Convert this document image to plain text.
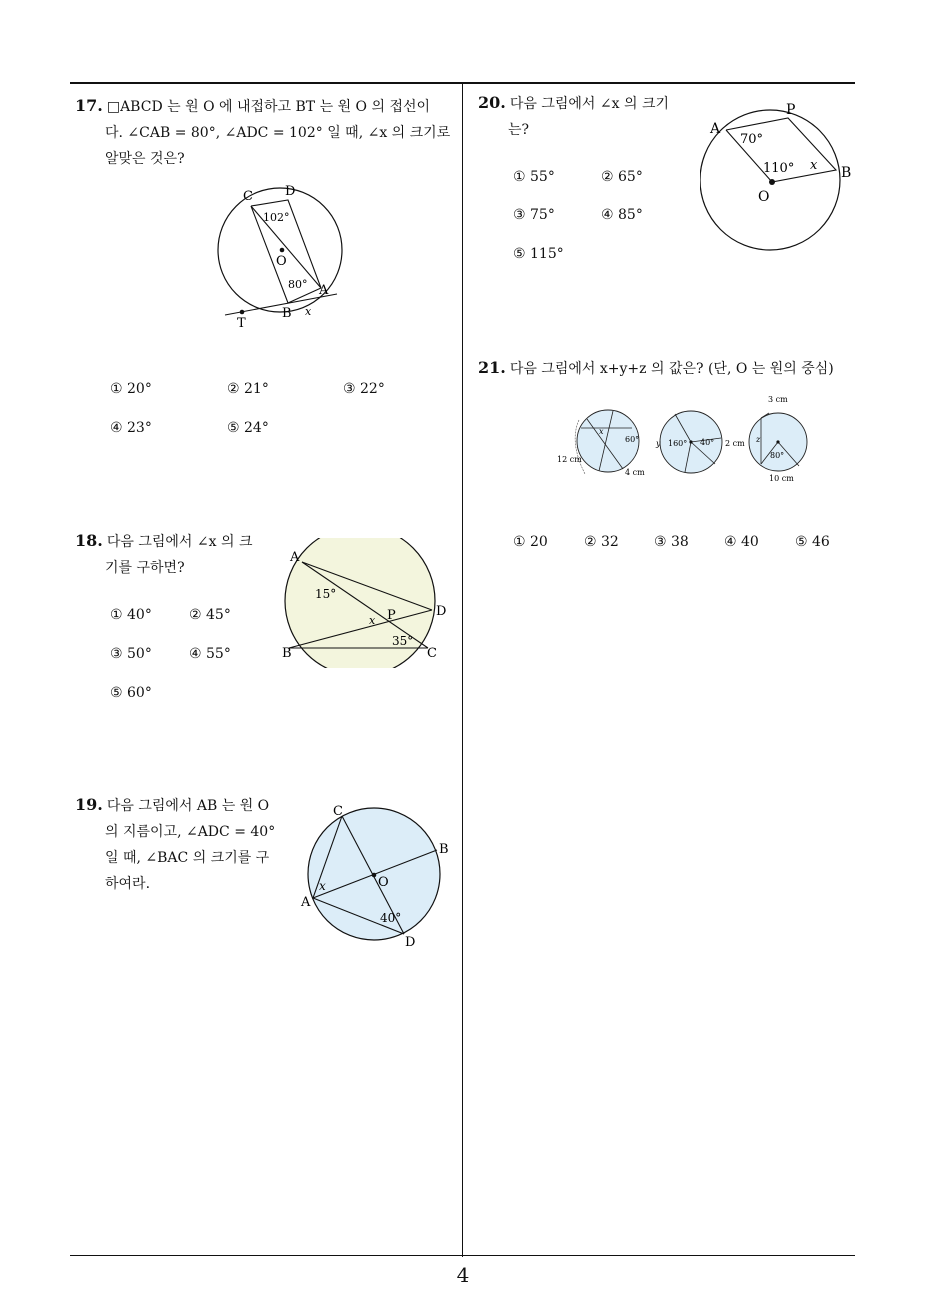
4
17. □ABCD 는 원 O 에 내접하고 BT 는 원 O 의 접선이
다. ∠CAB = 80°, ∠ADC = 102° 일 때, ∠x 의 크기로
알맞은 것은?
C D
102°
O
80° A
B x
T
① 20°	② 21°	③ 22°
④ 23°	⑤ 24°
18. 다음 그림에서 ∠x 의 크
기를 구하면?
A
15°
P
x
D
35°
B	C
① 40°	② 45°
③ 50°	④ 55°
⑤ 60°
19. 다음 그림에서 AB 는 원 O
의 지름이고, ∠ADC = 40°
일 때, ∠BAC 의 크기를 구
하여라.
C
B
O
x
A
40°
D
20. 다음 그림에서 ∠x 의 크기
는?	A
P
70°
110° x B
O
① 55°	② 65°
③ 75°	④ 85°
⑤ 115°
21. 다음 그림에서 x+y+z 의 값은? (단, O 는 원의 중심)
x
60°
12 cm
4 cm
y 160° 40° 2 cm
3 cm
z
80°
10 cm
① 20	② 32	③ 38	④ 40	⑤ 46
